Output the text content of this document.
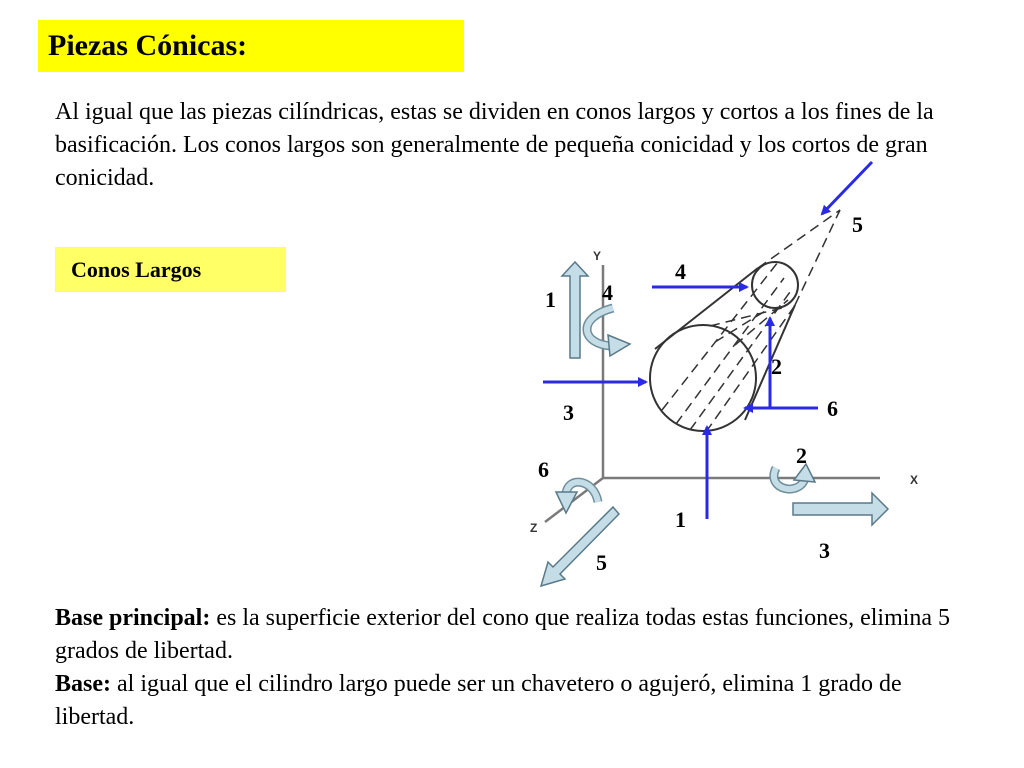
Piezas Cónicas:
Al igual que las piezas cilíndricas, estas se dividen en conos largos y cortos a los fines de la basificación. Los conos largos son generalmente de pequeña conicidad y los cortos de gran conicidad.
Conos Largos
Y
X
Z
5
4
4
1
2
6
3
2
6
1
5	3
Base principal: es la superficie exterior del cono que realiza todas estas funciones, elimina 5 grados de libertad.
Base: al igual que el cilindro largo puede ser un chavetero o agujeró, elimina 1 grado de libertad.
